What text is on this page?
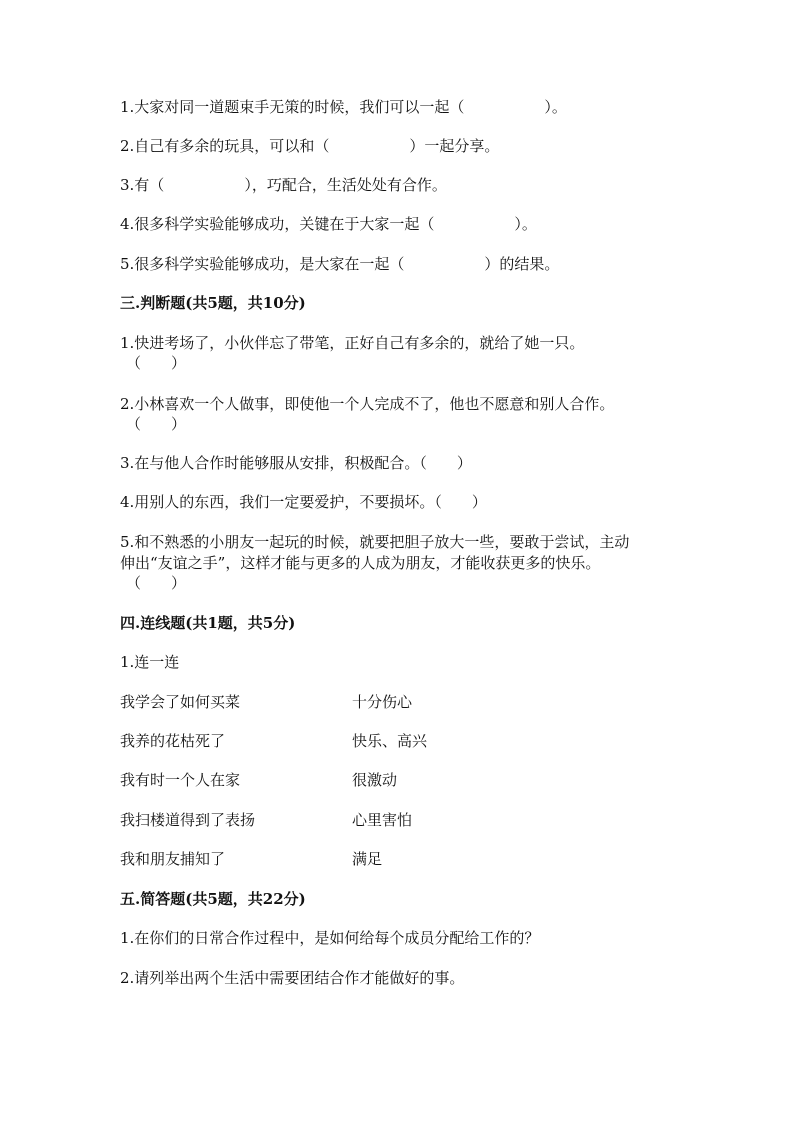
1.大家对同一道题束手无策的时候，我们可以一起（	）。
2.自己有多余的玩具，可以和（	）一起分享。
3.有（	），巧配合，生活处处有合作。
4.很多科学实验能够成功，关键在于大家一起（	）。
5.很多科学实验能够成功，是大家在一起（	）的结果。
三.判断题(共5题，共10分)
1.快进考场了，小伙伴忘了带笔，正好自己有多余的，就给了她一只。
（　　）
2.小林喜欢一个人做事，即使他一个人完成不了，他也不愿意和别人合作。
（　　）
3.在与他人合作时能够服从安排，积极配合。（　　）
4.用别人的东西，我们一定要爱护，不要损坏。（　　）
5.和不熟悉的小朋友一起玩的时候，就要把胆子放大一些，要敢于尝试，主动
伸出“友谊之手”，这样才能与更多的人成为朋友，才能收获更多的快乐。
（　　）
四.连线题(共1题，共5分)
1.连一连
我学会了如何买菜	十分伤心
我养的花枯死了	快乐、高兴
我有时一个人在家	很激动
我扫楼道得到了表扬	心里害怕
我和朋友捕知了	满足
五.简答题(共5题，共22分)
1.在你们的日常合作过程中，是如何给每个成员分配给工作的？
2.请列举出两个生活中需要团结合作才能做好的事。
